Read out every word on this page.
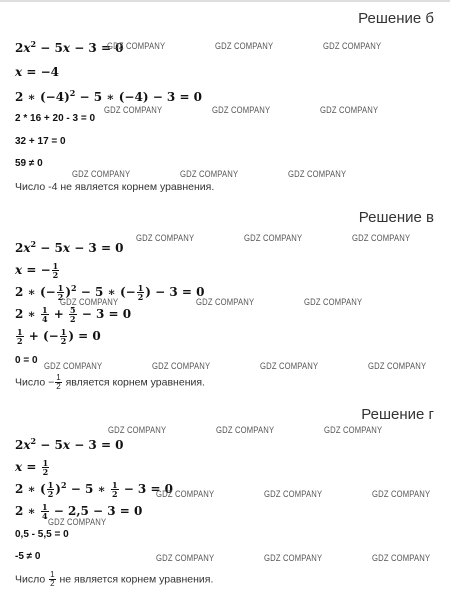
Решение б
$2x^2 - 5x - 3 = 0$
x = −4
2 ∗ $(-4)^2 - 5$ ∗ (−4) − 3 = 0
2 * 16 + 20 - 3 = 0
32 + 17 = 0
59 ≠ 0
Число -4 не является корнем уравнения.
Решение в
$2x^2 - 5x - 3 = 0$
x = − $\frac{1}{2}$
2 ∗ (− $\frac{1}{2} )^2 - 5$ ∗ (− $\frac{1}{2}$ ) − 3 = 0
2 ∗ $\frac{1}{4} + \frac{5}{2} - 3 = 0$
$\frac{1}{2}$ + (− $\frac{1}{2}$ ) = 0
0 = 0
Число − $\frac{1}{2}$ является корнем уравнения.
Решение г
$2x^2 - 5x - 3 = 0$
$x = \frac{1}{2}$
2 ∗ ( $\frac{1}{2} )^2 - 5$ ∗ $\frac{1}{2} - 3 = 0$
2 ∗ $\frac{1}{4} - 2,5 - 3 = 0$
0,5 - 5,5 = 0
-5 ≠ 0
Число $\frac{1}{2}$ не является корнем уравнения.
GDZ COMPANY	GDZ COMPANY	GDZ COMPANY
GDZ COMPANY	GDZ COMPANY	GDZ COMPANY
GDZ COMPANY	GDZ COMPANY	GDZ COMPANY
GDZ COMPANY	GDZ COMPANY	GDZ COMPANY
GDZ COMPANY	GDZ COMPANY	GDZ COMPANY
GDZ COMPANY	GDZ COMPANY	GDZ COMPANY	GDZ COMPANY
GDZ COMPANY	GDZ COMPANY	GDZ COMPANY
GDZ COMPANY	GDZ COMPANY	GDZ COMPANY
GDZ COMPANY
GDZ COMPANY	GDZ COMPANY	GDZ COMPANY
